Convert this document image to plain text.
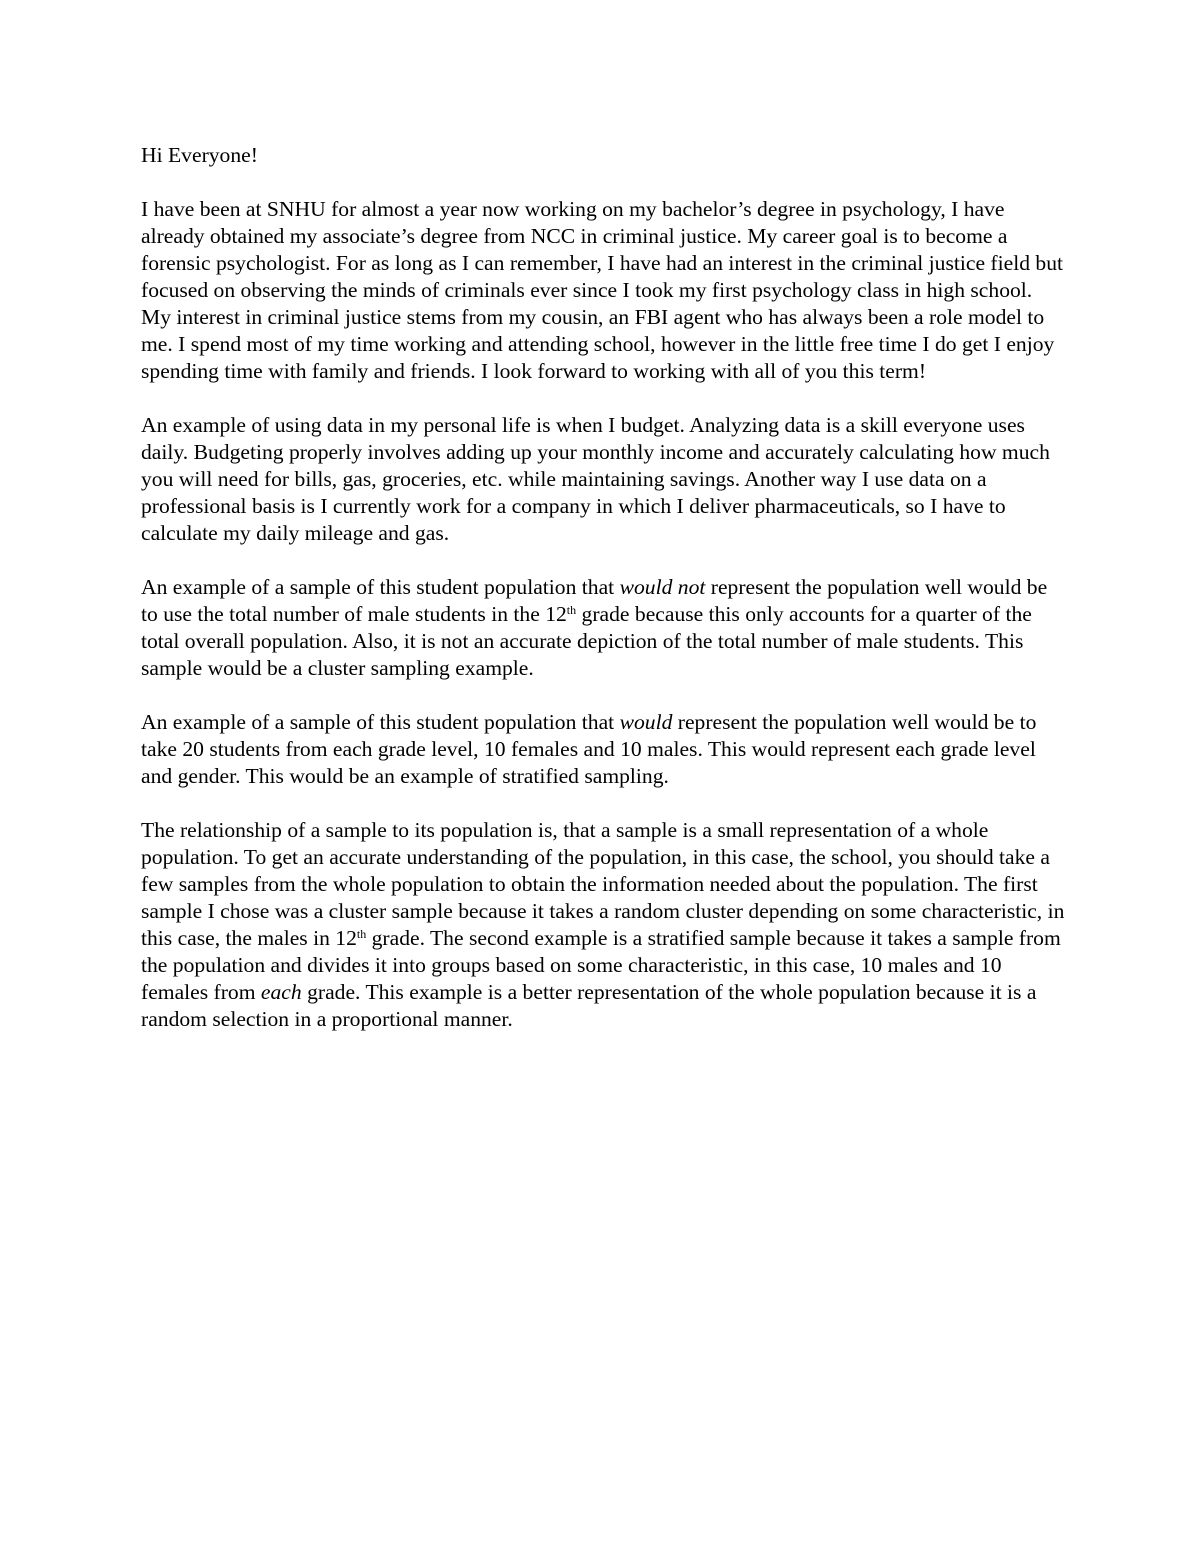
Hi Everyone!

I have been at SNHU for almost a year now working on my bachelor’s degree in psychology, I have already obtained my associate’s degree from NCC in criminal justice. My career goal is to become a forensic psychologist. For as long as I can remember, I have had an interest in the criminal justice field but focused on observing the minds of criminals ever since I took my first psychology class in high school. My interest in criminal justice stems from my cousin, an FBI agent who has always been a role model to me. I spend most of my time working and attending school, however in the little free time I do get I enjoy spending time with family and friends. I look forward to working with all of you this term!

An example of using data in my personal life is when I budget. Analyzing data is a skill everyone uses daily. Budgeting properly involves adding up your monthly income and accurately calculating how much you will need for bills, gas, groceries, etc. while maintaining savings. Another way I use data on a professional basis is I currently work for a company in which I deliver pharmaceuticals, so I have to calculate my daily mileage and gas.

An example of a sample of this student population that would not represent the population well would be to use the total number of male students in the 12th grade because this only accounts for a quarter of the total overall population. Also, it is not an accurate depiction of the total number of male students. This sample would be a cluster sampling example.

An example of a sample of this student population that would represent the population well would be to take 20 students from each grade level, 10 females and 10 males. This would represent each grade level and gender. This would be an example of stratified sampling.

The relationship of a sample to its population is, that a sample is a small representation of a whole population. To get an accurate understanding of the population, in this case, the school, you should take a few samples from the whole population to obtain the information needed about the population. The first sample I chose was a cluster sample because it takes a random cluster depending on some characteristic, in this case, the males in 12th grade. The second example is a stratified sample because it takes a sample from the population and divides it into groups based on some characteristic, in this case, 10 males and 10 females from each grade. This example is a better representation of the whole population because it is a random selection in a proportional manner.
